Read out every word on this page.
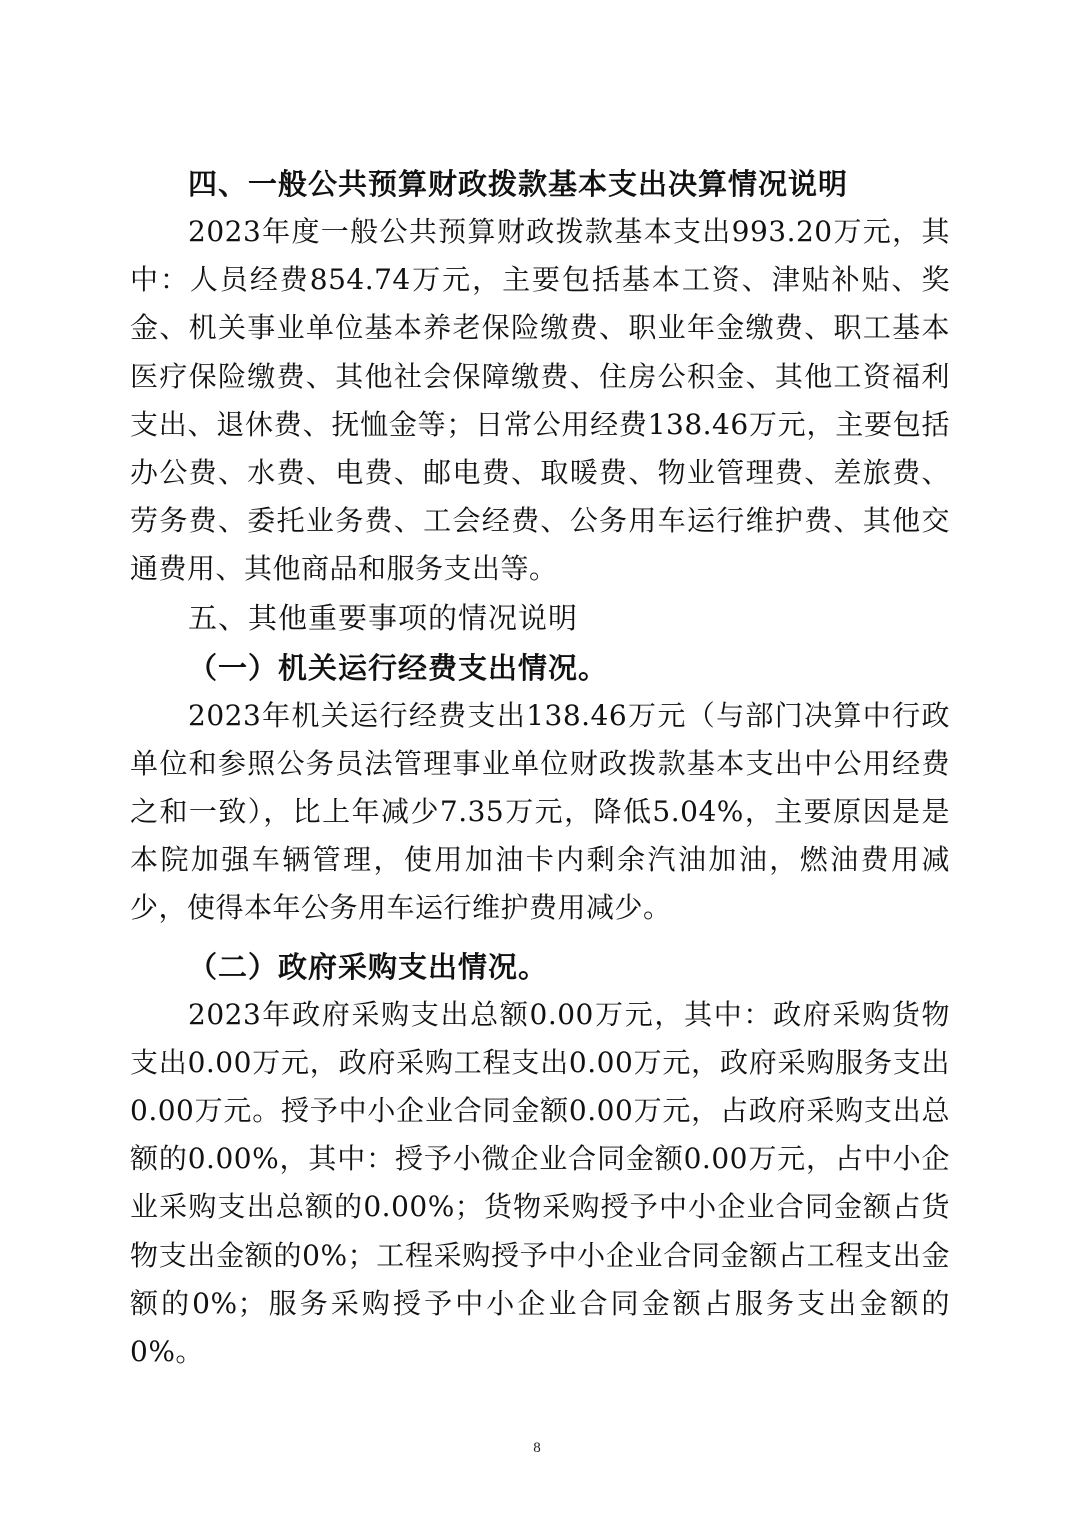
四、一般公共预算财政拨款基本支出决算情况说明

2023年度一般公共预算财政拨款基本支出993.20万元，其中：人员经费854.74万元，主要包括基本工资、津贴补贴、奖金、机关事业单位基本养老保险缴费、职业年金缴费、职工基本医疗保险缴费、其他社会保障缴费、住房公积金、其他工资福利支出、退休费、抚恤金等；日常公用经费138.46万元，主要包括办公费、水费、电费、邮电费、取暖费、物业管理费、差旅费、劳务费、委托业务费、工会经费、公务用车运行维护费、其他交通费用、其他商品和服务支出等。

五、其他重要事项的情况说明
（一）机关运行经费支出情况。

2023年机关运行经费支出138.46万元（与部门决算中行政单位和参照公务员法管理事业单位财政拨款基本支出中公用经费之和一致），比上年减少7.35万元，降低5.04%，主要原因是是本院加强车辆管理，使用加油卡内剩余汽油加油，燃油费用减少，使得本年公务用车运行维护费用减少。

（二）政府采购支出情况。

2023年政府采购支出总额0.00万元，其中：政府采购货物支出0.00万元，政府采购工程支出0.00万元，政府采购服务支出0.00万元。授予中小企业合同金额0.00万元，占政府采购支出总额的0.00%，其中：授予小微企业合同金额0.00万元，占中小企业采购支出总额的0.00%；货物采购授予中小企业合同金额占货物支出金额的0%；工程采购授予中小企业合同金额占工程支出金额的0%；服务采购授予中小企业合同金额占服务支出金额的0%。

8
